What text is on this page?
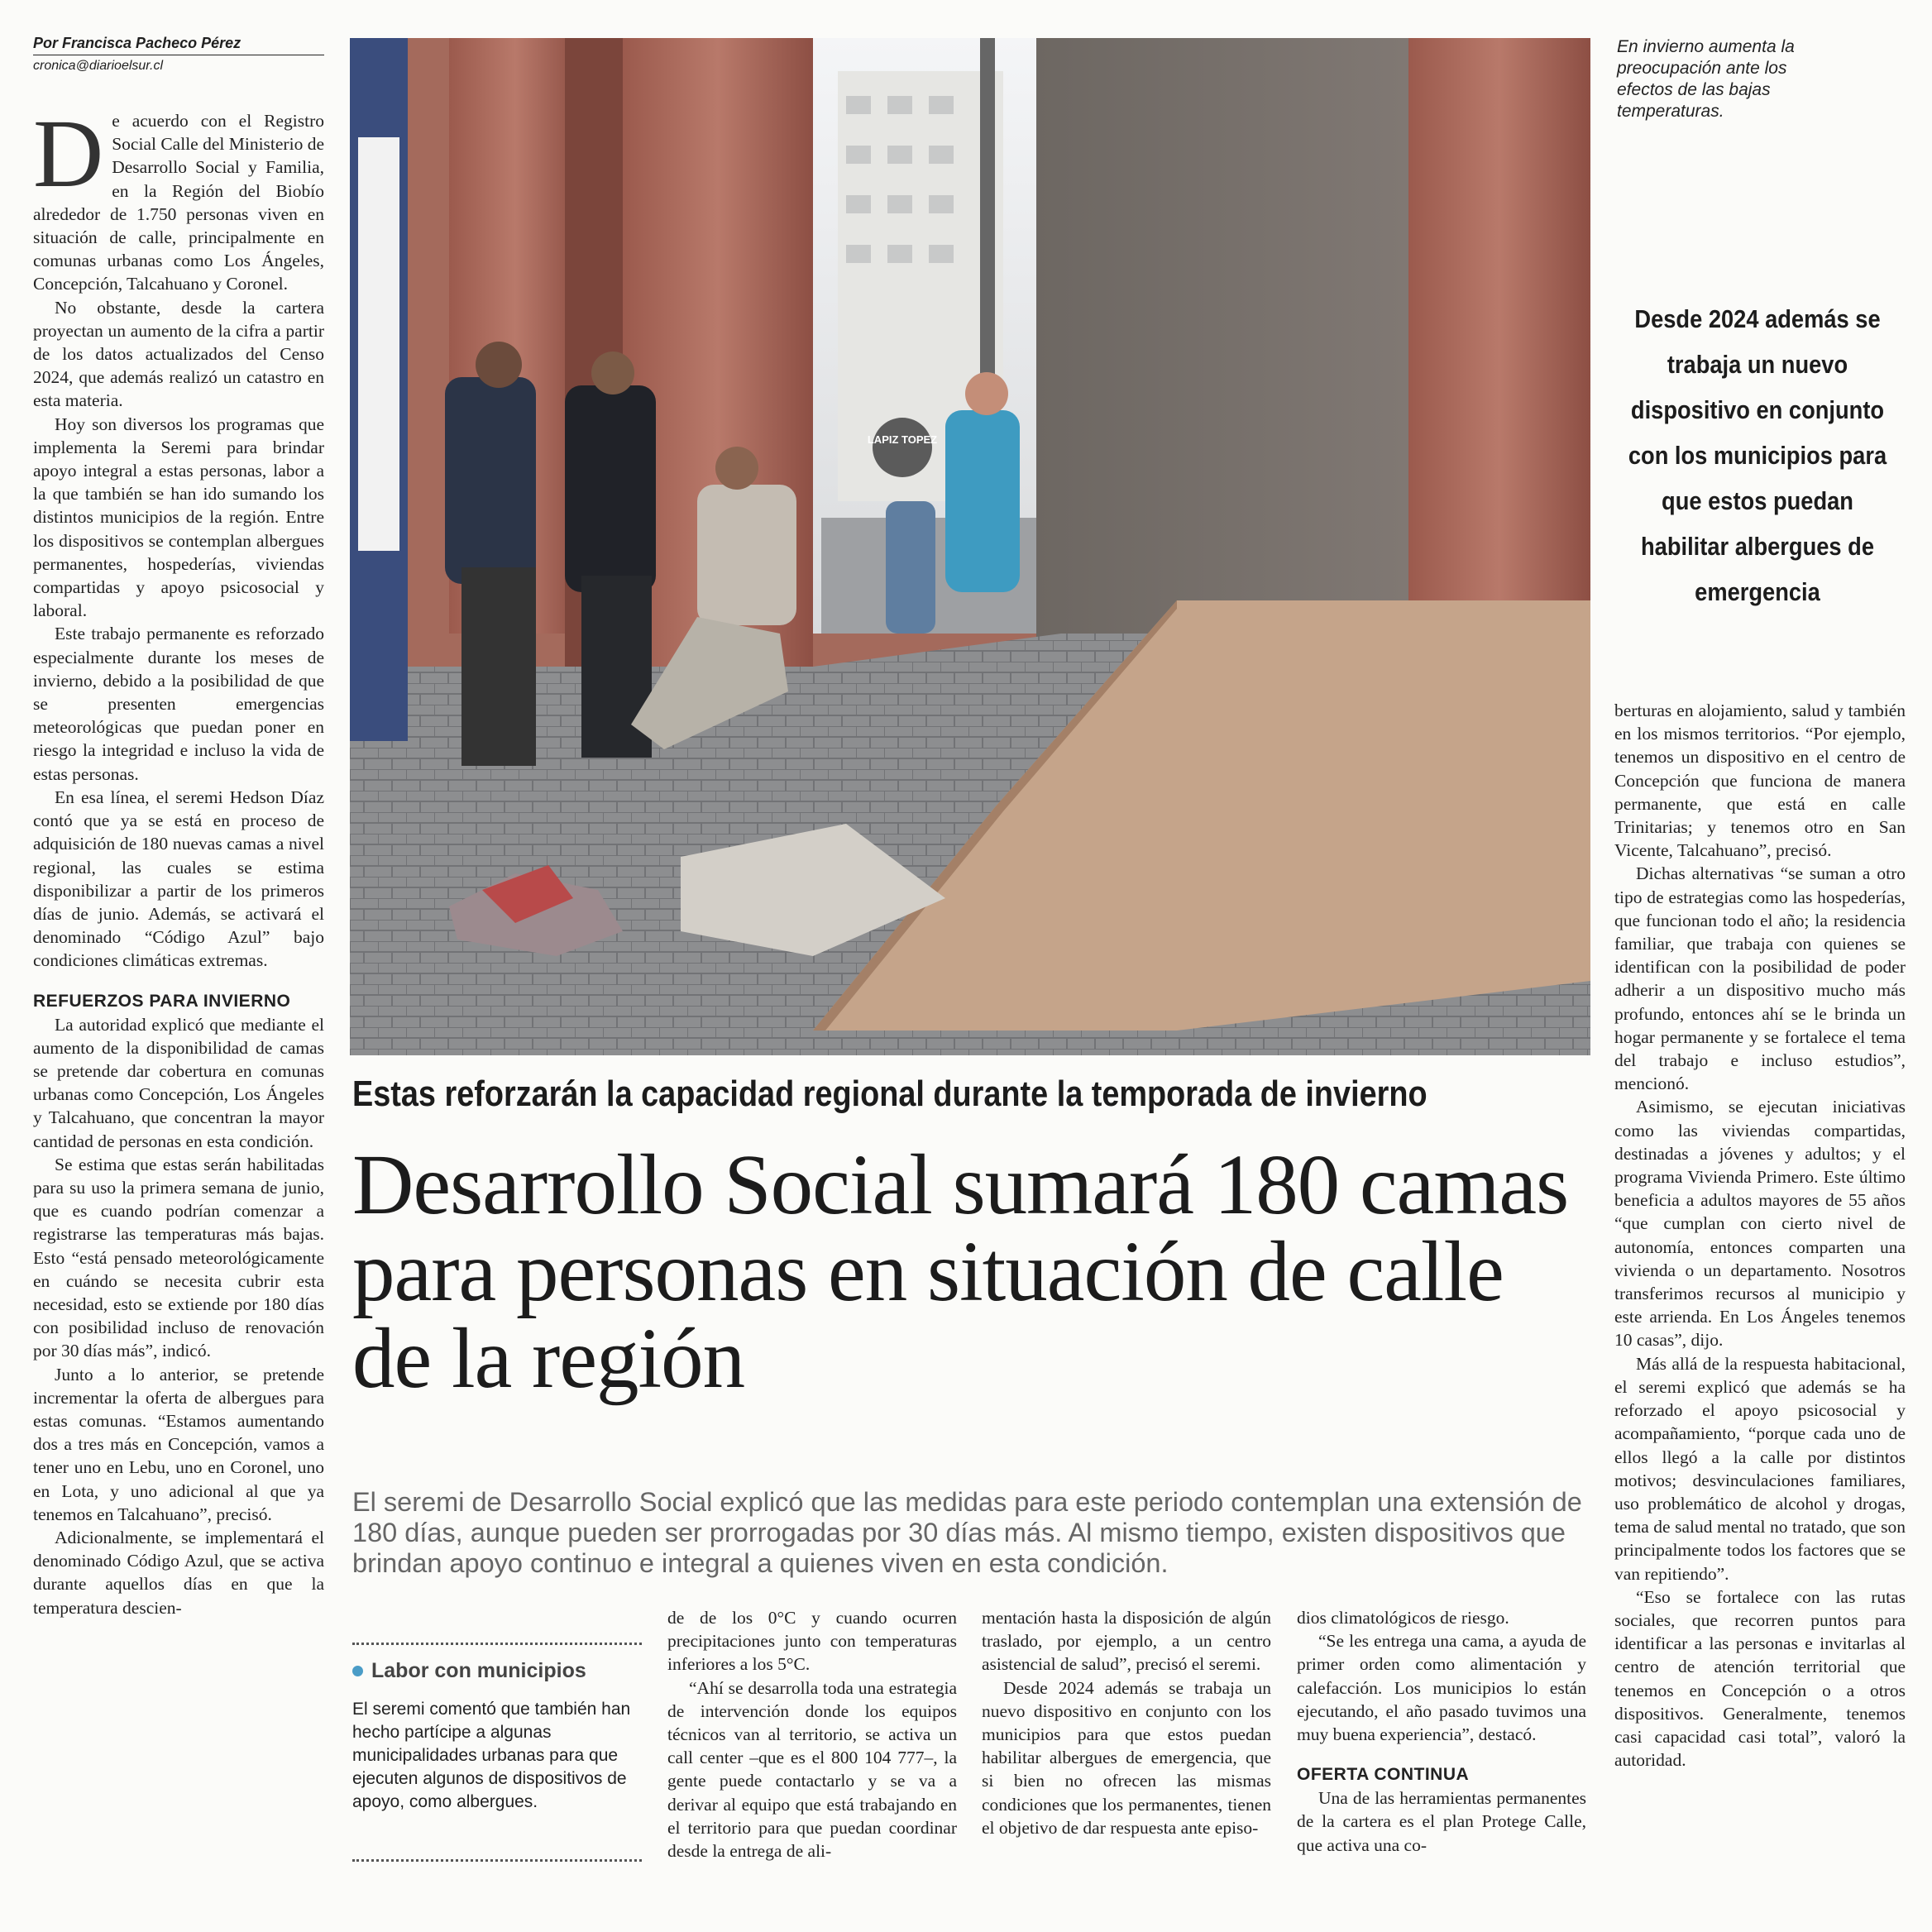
Por Francisca Pacheco Pérez
cronica@diarioelsur.cl

De acuerdo con el Registro Social Calle del Ministerio de Desarrollo Social y Familia, en la Región del Biobío alrededor de 1.750 personas viven en situación de calle, principalmente en comunas urbanas como Los Ángeles, Concepción, Talcahuano y Coronel.

No obstante, desde la cartera proyectan un aumento de la cifra a partir de los datos actualizados del Censo 2024, que además realizó un catastro en esta materia.

Hoy son diversos los programas que implementa la Seremi para brindar apoyo integral a estas personas, labor a la que también se han ido sumando los distintos municipios de la región. Entre los dispositivos se contemplan albergues permanentes, hospederías, viviendas compartidas y apoyo psicosocial y laboral.

Este trabajo permanente es reforzado especialmente durante los meses de invierno, debido a la posibilidad de que se presenten emergencias meteorológicas que puedan poner en riesgo la integridad e incluso la vida de estas personas.

En esa línea, el seremi Hedson Díaz contó que ya se está en proceso de adquisición de 180 nuevas camas a nivel regional, las cuales se estima disponibilizar a partir de los primeros días de junio. Además, se activará el denominado “Código Azul” bajo condiciones climáticas extremas.

REFUERZOS PARA INVIERNO

La autoridad explicó que mediante el aumento de la disponibilidad de camas se pretende dar cobertura en comunas urbanas como Concepción, Los Ángeles y Talcahuano, que concentran la mayor cantidad de personas en esta condición.

Se estima que estas serán habilitadas para su uso la primera semana de junio, que es cuando podrían comenzar a registrarse las temperaturas más bajas. Esto “está pensado meteorológicamente en cuándo se necesita cubrir esta necesidad, esto se extiende por 180 días con posibilidad incluso de renovación por 30 días más”, indicó.

Junto a lo anterior, se pretende incrementar la oferta de albergues para estas comunas. “Estamos aumentando dos a tres más en Concepción, vamos a tener uno en Lebu, uno en Coronel, uno en Lota, y uno adicional al que ya tenemos en Talcahuano”, precisó.

Adicionalmente, se implementará el denominado Código Azul, que se activa durante aquellos días en que la temperatura descien-

LAPIZ TOPEZ
En invierno aumenta la preocupación ante los efectos de las bajas temperaturas.
Desde 2024 además se trabaja un nuevo dispositivo en conjunto con los municipios para que estos puedan habilitar albergues de emergencia
Estas reforzarán la capacidad regional durante la temporada de invierno
Desarrollo Social sumará 180 camas para personas en situación de calle de la región
El seremi de Desarrollo Social explicó que las medidas para este periodo contemplan una extensión de 180 días, aunque pueden ser prorrogadas por 30 días más. Al mismo tiempo, existen dispositivos que brindan apoyo continuo e integral a quienes viven en esta condición.
Labor con municipios
El seremi comentó que también han hecho partícipe a algunas municipalidades urbanas para que ejecuten algunos de dispositivos de apoyo, como albergues.

de de los 0°C y cuando ocurren precipitaciones junto con temperaturas inferiores a los 5°C.

“Ahí se desarrolla toda una estrategia de intervención donde los equipos técnicos van al territorio, se activa un call center –que es el 800 104 777–, la gente puede contactarlo y se va a derivar al equipo que está trabajando en el territorio para que puedan coordinar desde la entrega de ali-

mentación hasta la disposición de algún traslado, por ejemplo, a un centro asistencial de salud”, precisó el seremi.

Desde 2024 además se trabaja un nuevo dispositivo en conjunto con los municipios para que estos puedan habilitar albergues de emergencia, que si bien no ofrecen las mismas condiciones que los permanentes, tienen el objetivo de dar respuesta ante episo-

dios climatológicos de riesgo.

“Se les entrega una cama, a ayuda de primer orden como alimentación y calefacción. Los municipios lo están ejecutando, el año pasado tuvimos una muy buena experiencia”, destacó.

OFERTA CONTINUA

Una de las herramientas permanentes de la cartera es el plan Protege Calle, que activa una co-

berturas en alojamiento, salud y también en los mismos territorios. “Por ejemplo, tenemos un dispositivo en el centro de Concepción que funciona de manera permanente, que está en calle Trinitarias; y tenemos otro en San Vicente, Talcahuano”, precisó.

Dichas alternativas “se suman a otro tipo de estrategias como las hospederías, que funcionan todo el año; la residencia familiar, que trabaja con quienes se identifican con la posibilidad de poder adherir a un dispositivo mucho más profundo, entonces ahí se le brinda un hogar permanente y se fortalece el tema del trabajo e incluso estudios”, mencionó.

Asimismo, se ejecutan iniciativas como las viviendas compartidas, destinadas a jóvenes y adultos; y el programa Vivienda Primero. Este último beneficia a adultos mayores de 55 años “que cumplan con cierto nivel de autonomía, entonces comparten una vivienda o un departamento. Nosotros transferimos recursos al municipio y este arrienda. En Los Ángeles tenemos 10 casas”, dijo.

Más allá de la respuesta habitacional, el seremi explicó que además se ha reforzado el apoyo psicosocial y acompañamiento, “porque cada uno de ellos llegó a la calle por distintos motivos; desvinculaciones familiares, uso problemático de alcohol y drogas, tema de salud mental no tratado, que son principalmente todos los factores que se van repitiendo”.

“Eso se fortalece con las rutas sociales, que recorren puntos para identificar a las personas e invitarlas al centro de atención territorial que tenemos en Concepción o a otros dispositivos. Generalmente, tenemos casi capacidad casi total”, valoró la autoridad.
